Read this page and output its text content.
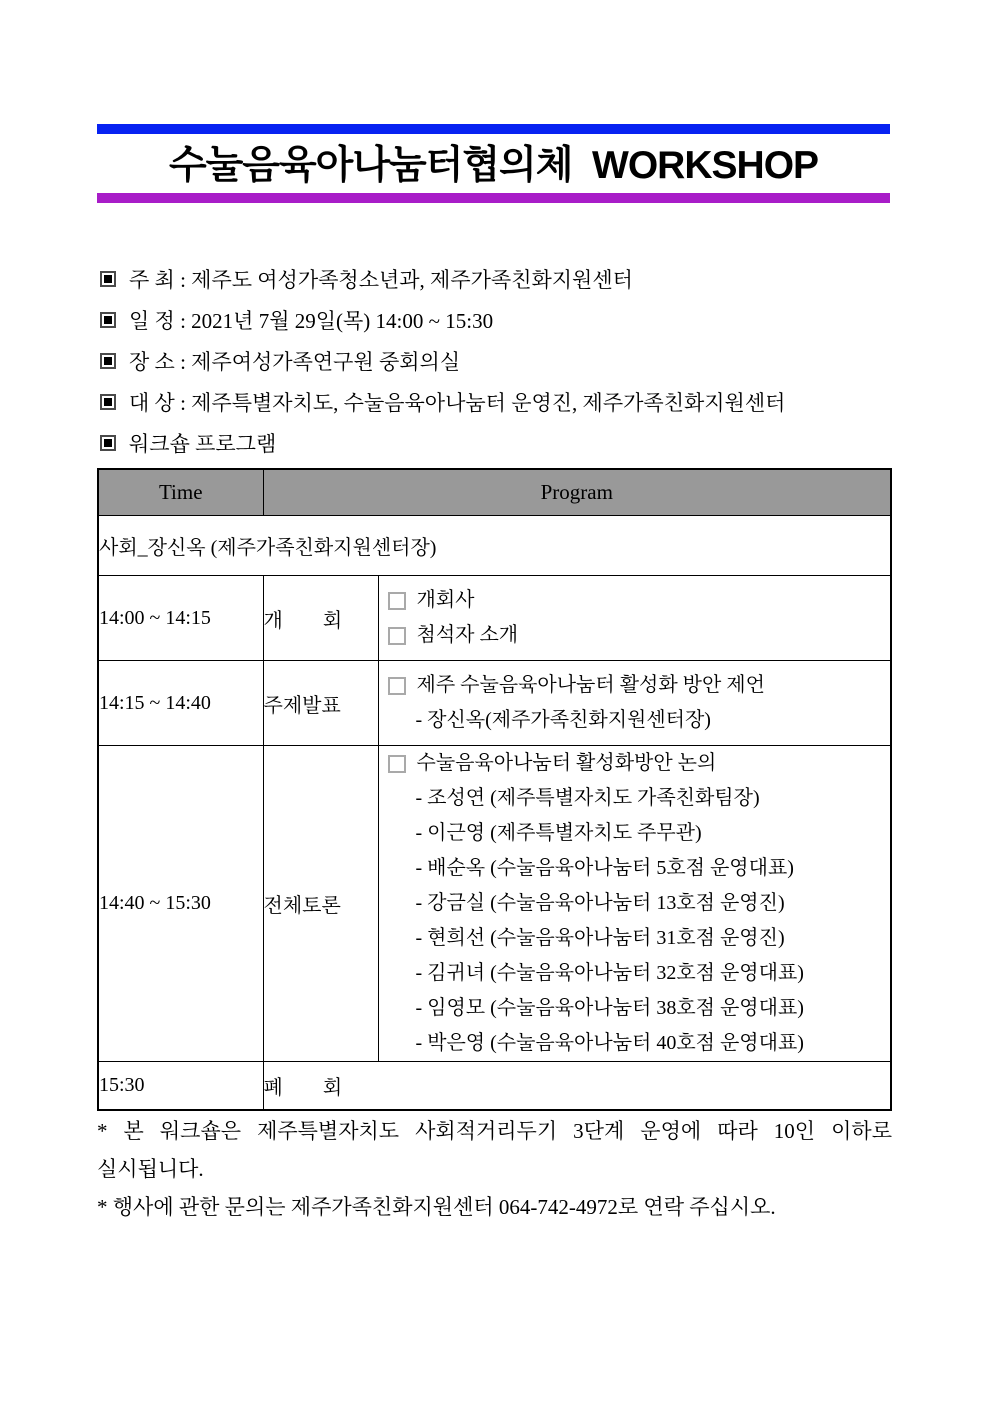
수눌음육아나눔터협의체  WORKSHOP
주 최 : 제주도 여성가족청소년과, 제주가족친화지원센터
일 정 : 2021년 7월 29일(목) 14:00 ~ 15:30
장 소 : 제주여성가족연구원 중회의실
대 상 : 제주특별자치도, 수눌음육아나눔터 운영진, 제주가족친화지원센터
워크숍 프로그램
Time	Program	
사회_장신옥 (제주가족친화지원센터장)		
14:00 ~ 14:15	개　　회	개회사
첨석자 소개

14:15 ~ 14:40	주제발표	제주 수눌음육아나눔터 활성화 방안 제언
- 장신옥(제주가족친화지원센터장)

14:40 ~ 15:30	전체토론	
수눌음육아나눔터 활성화방안 논의
- 조성연 (제주특별자치도 가족친화팀장)
- 이근영 (제주특별자치도 주무관)
- 배순옥 (수눌음육아나눔터 5호점 운영대표)
- 강금실 (수눌음육아나눔터 13호점 운영진)
- 현희선 (수눌음육아나눔터 31호점 운영진)
- 김귀녀 (수눌음육아나눔터 32호점 운영대표)
- 임영모 (수눌음육아나눔터 38호점 운영대표)
- 박은영 (수눌음육아나눔터 40호점 운영대표)

15:30	폐　　회	
* 본 워크숍은 제주특별자치도 사회적거리두기 3단계 운영에 따라 10인 이하로
실시됩니다.
* 행사에 관한 문의는 제주가족친화지원센터 064-742-4972로 연락 주십시오.
